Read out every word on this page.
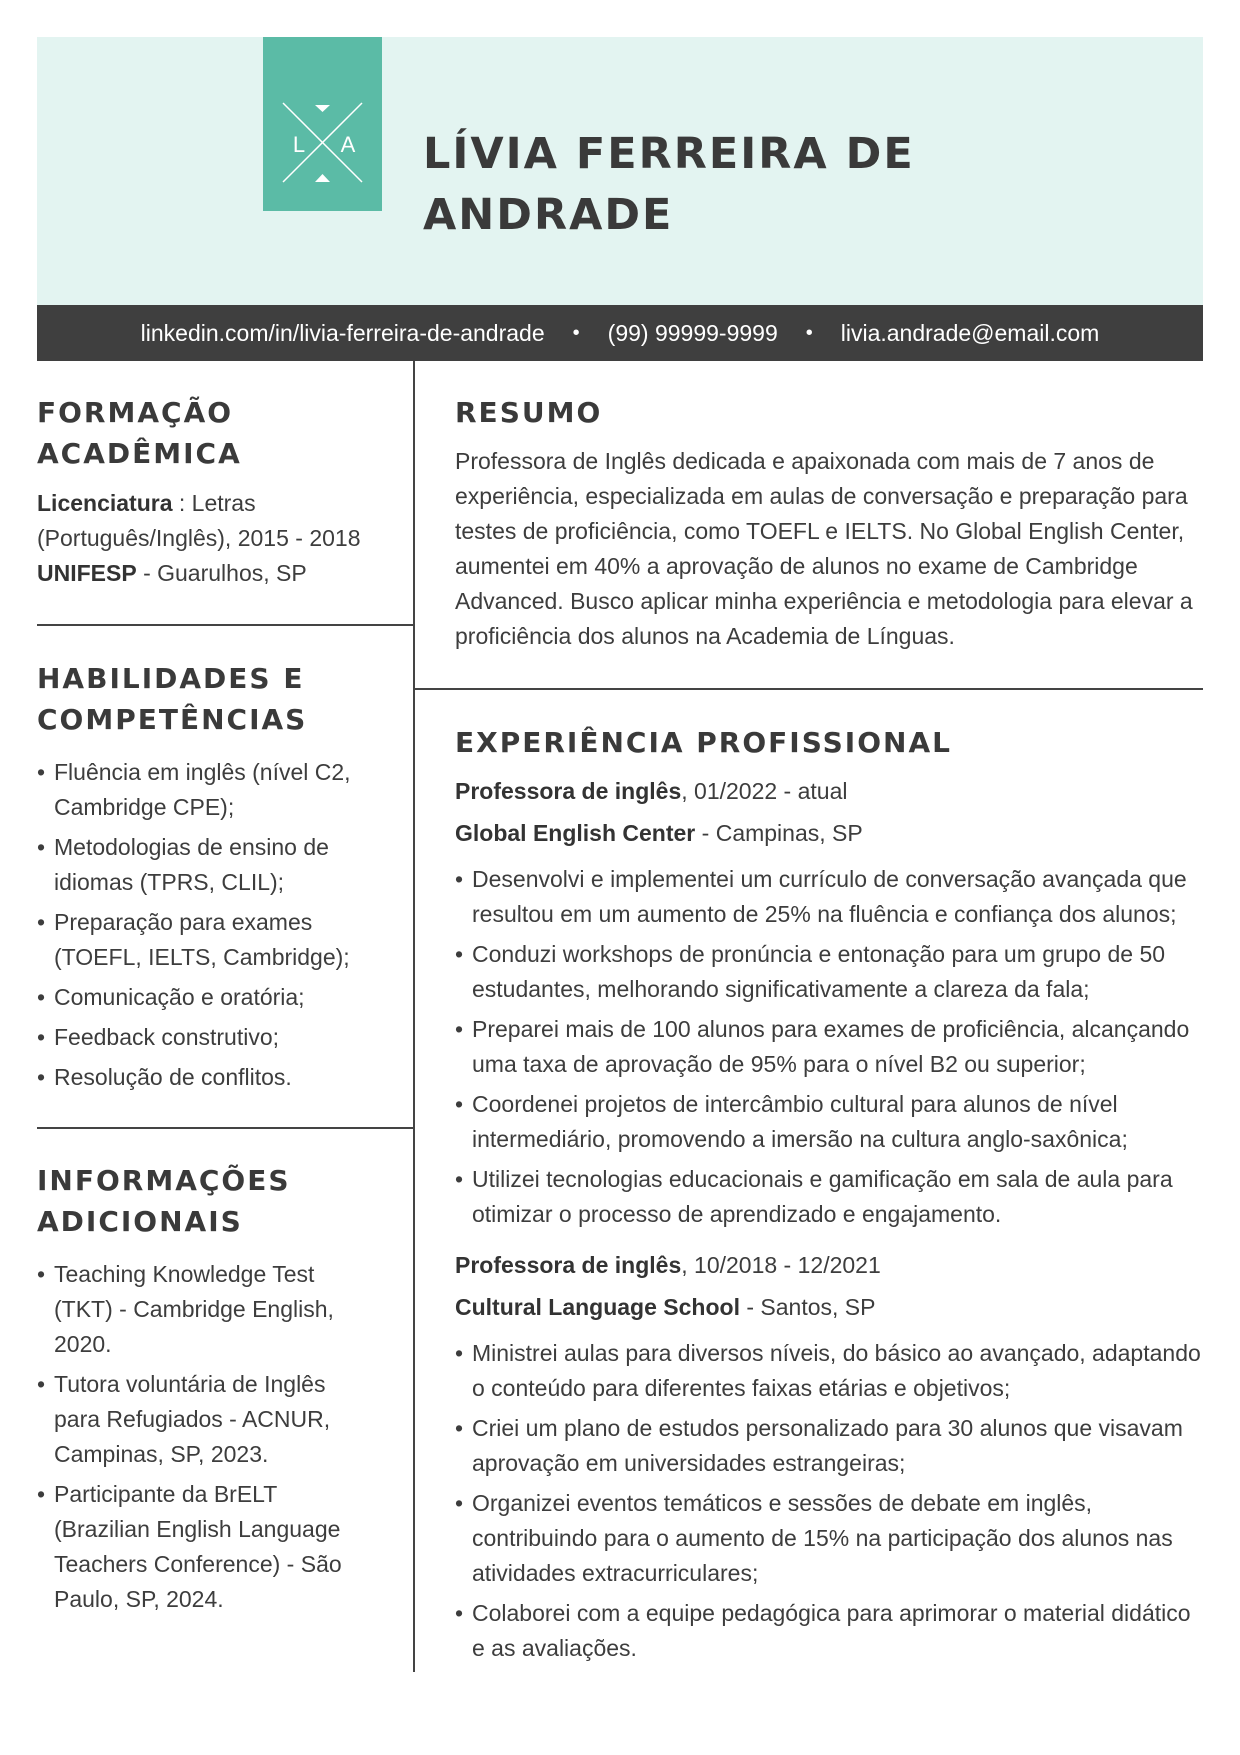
L A LÍVIA FERREIRA DE
ANDRADE
linkedin.com/in/livia-ferreira-de-andrade • (99) 99999-9999 • livia.andrade@email.com
FORMAÇÃO
ACADÊMICA
Licenciatura : Letras
(Português/Inglês), 2015 - 2018
UNIFESP - Guarulhos, SP
HABILIDADES E
COMPETÊNCIAS
• Fluência em inglês (nível C2, Cambridge CPE);
• Metodologias de ensino de idiomas (TPRS, CLIL);
• Preparação para exames (TOEFL, IELTS, Cambridge);
• Comunicação e oratória;
• Feedback construtivo;
• Resolução de conflitos.
INFORMAÇÕES
ADICIONAIS
• Teaching Knowledge Test (TKT) - Cambridge English, 2020.
• Tutora voluntária de Inglês para Refugiados - ACNUR, Campinas, SP, 2023.
• Participante da BrELT (Brazilian English Language Teachers Conference) - São Paulo, SP, 2024.
RESUMO

Professora de Inglês dedicada e apaixonada com mais de 7 anos de experiência, especializada em aulas de conversação e preparação para testes de proficiência, como TOEFL e IELTS. No Global English Center, aumentei em 40% a aprovação de alunos no exame de Cambridge Advanced. Busco aplicar minha experiência e metodologia para elevar a proficiência dos alunos na Academia de Línguas.

EXPERIÊNCIA PROFISSIONAL
Professora de inglês, 01/2022 - atual
Global English Center - Campinas, SP
• Desenvolvi e implementei um currículo de conversação avançada que resultou em um aumento de 25% na fluência e confiança dos alunos;
• Conduzi workshops de pronúncia e entonação para um grupo de 50 estudantes, melhorando significativamente a clareza da fala;
• Preparei mais de 100 alunos para exames de proficiência, alcançando uma taxa de aprovação de 95% para o nível B2 ou superior;
• Coordenei projetos de intercâmbio cultural para alunos de nível intermediário, promovendo a imersão na cultura anglo-saxônica;
• Utilizei tecnologias educacionais e gamificação em sala de aula para otimizar o processo de aprendizado e engajamento.
Professora de inglês, 10/2018 - 12/2021
Cultural Language School - Santos, SP
• Ministrei aulas para diversos níveis, do básico ao avançado, adaptando o conteúdo para diferentes faixas etárias e objetivos;
• Criei um plano de estudos personalizado para 30 alunos que visavam aprovação em universidades estrangeiras;
• Organizei eventos temáticos e sessões de debate em inglês, contribuindo para o aumento de 15% na participação dos alunos nas atividades extracurriculares;
• Colaborei com a equipe pedagógica para aprimorar o material didático e as avaliações.
